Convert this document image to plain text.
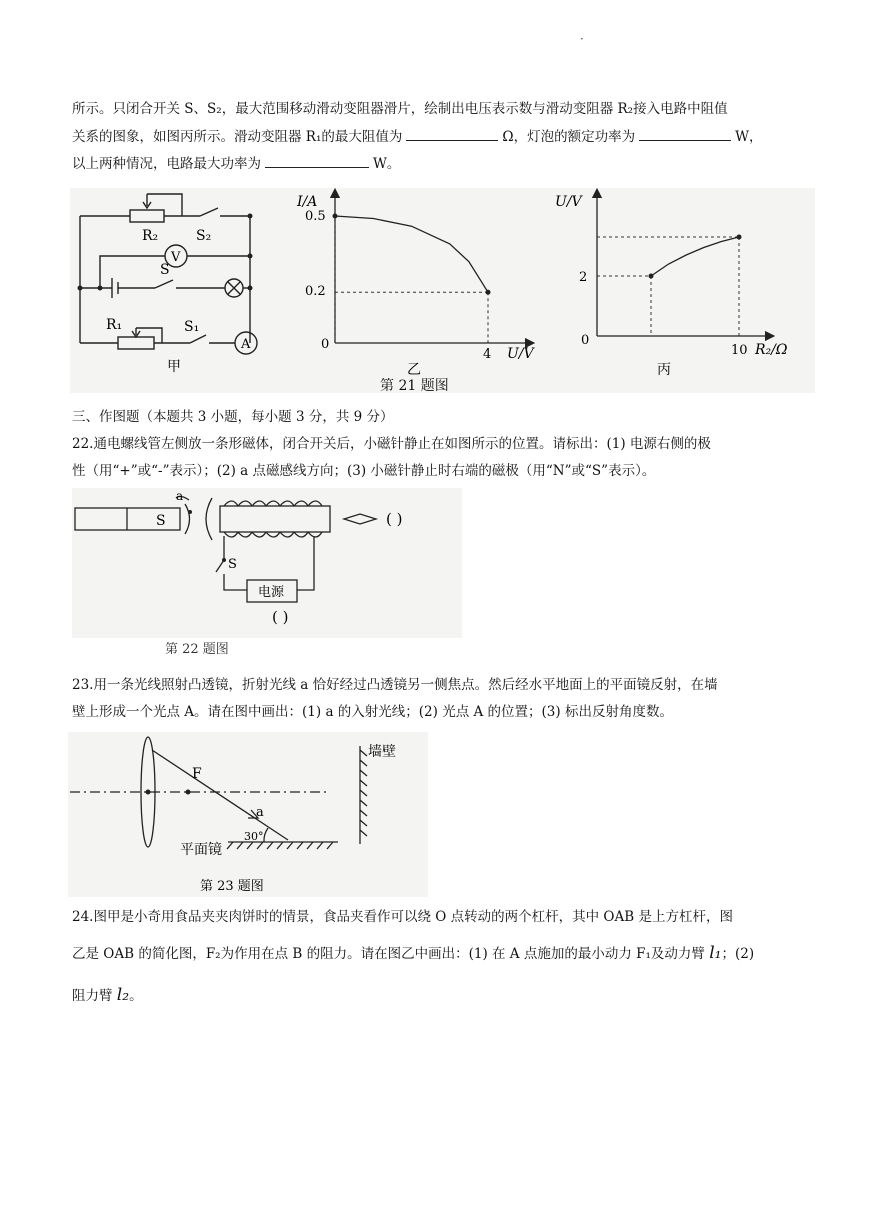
·
所示。只闭合开关 S、S₂，最大范围移动滑动变阻器滑片，绘制出电压表示数与滑动变阻器 R₂接入电路中阻值
关系的图象，如图丙所示。滑动变阻器 R₁的最大阻值为	Ω，灯泡的额定功率为	W，
以上两种情况，电路最大功率为	W。
R₂	S₂
V
S
R₁	S₁
A
甲
I/A
0.5
0.2
0
4 U/V
乙
U/V
2
0
10 R₂/Ω
丙
第 21 题图
三、作图题（本题共 3 小题，每小题 3 分，共 9 分）
22.通电螺线管左侧放一条形磁体，闭合开关后，小磁针静止在如图所示的位置。请标出：(1) 电源右侧的极
性（用“+”或“-”表示）；(2) a 点磁感线方向；(3) 小磁针静止时右端的磁极（用“N”或“S”表示）。
a
S
S
电源
( )
( )
第 22 题图
23.用一条光线照射凸透镜，折射光线 a 恰好经过凸透镜另一侧焦点。然后经水平地面上的平面镜反射，在墙
壁上形成一个光点 A。请在图中画出：(1) a 的入射光线；(2) 光点 A 的位置；(3) 标出反射角度数。
墙壁
F
a
平面镜
30°
第 23 题图
24.图甲是小奇用食品夹夹肉饼时的情景，食品夹看作可以绕 O 点转动的两个杠杆，其中 OAB 是上方杠杆，图
乙是 OAB 的简化图，F₂为作用在点 B 的阻力。请在图乙中画出：(1) 在 A 点施加的最小动力 F₁及动力臂 l₁；(2)
阻力臂 l₂。
